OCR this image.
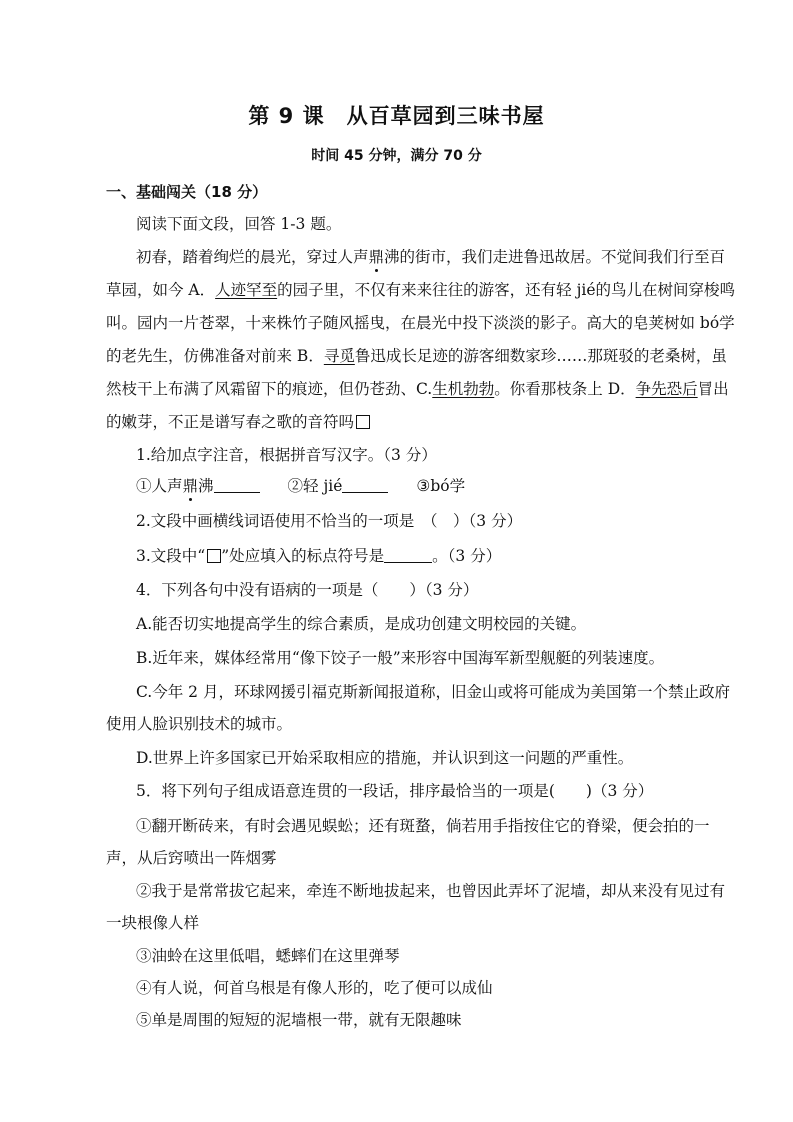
第 9 课　从百草园到三味书屋
时间 45 分钟，满分 70 分
一、基础闯关（18 分）
阅读下面文段，回答 1-3 题。
初春，踏着绚烂的晨光，穿过人声鼎沸的街市，我们走进鲁迅故居。不觉间我们行至百
草园，如今 A．人迹罕至的园子里，不仅有来来往往的游客，还有轻 jié的鸟儿在树间穿梭鸣
叫。园内一片苍翠，十来株竹子随风摇曳，在晨光中投下淡淡的影子。高大的皂荚树如 bó学
的老先生，仿佛准备对前来 B．寻觅鲁迅成长足迹的游客细数家珍……那斑驳的老桑树，虽
然枝干上布满了风霜留下的痕迹，但仍苍劲、C.生机勃勃。你看那枝条上 D．争先恐后冒出
的嫩芽，不正是谱写春之歌的音符吗
1.给加点字注音，根据拼音写汉字。（3 分）
①人声鼎沸	②轻 jié	③bó学
2.文段中画横线词语使用不恰当的一项是　（　）（3 分）
3.文段中“ ”处应填入的标点符号是	。（3 分）
4．下列各句中没有语病的一项是（　　）（3 分）
A.能否切实地提高学生的综合素质，是成功创建文明校园的关键。
B.近年来，媒体经常用“像下饺子一般”来形容中国海军新型舰艇的列装速度。
C.今年 2 月，环球网援引福克斯新闻报道称，旧金山或将可能成为美国第一个禁止政府
使用人脸识别技术的城市。
D.世界上许多国家已开始采取相应的措施，并认识到这一问题的严重性。
5．将下列句子组成语意连贯的一段话，排序最恰当的一项是(　　)（3 分）
①翻开断砖来，有时会遇见蜈蚣；还有斑蝥，倘若用手指按住它的脊梁，便会拍的一
声，从后窍喷出一阵烟雾
②我于是常常拔它起来，牵连不断地拔起来，也曾因此弄坏了泥墙，却从来没有见过有
一块根像人样
③油蛉在这里低唱，蟋蟀们在这里弹琴
④有人说，何首乌根是有像人形的，吃了便可以成仙
⑤单是周围的短短的泥墙根一带，就有无限趣味
